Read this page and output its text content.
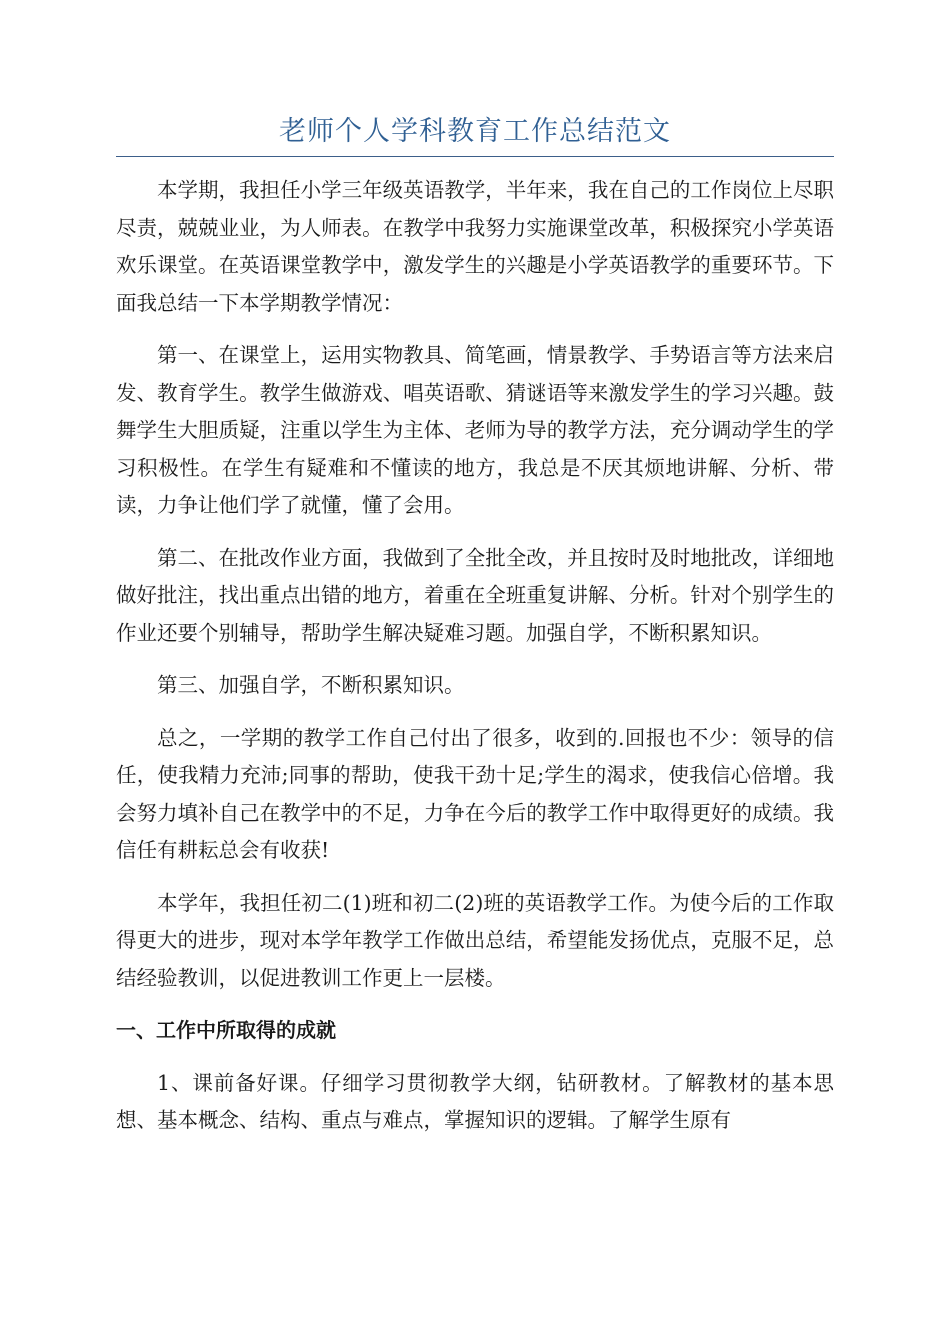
老师个人学科教育工作总结范文

本学期，我担任小学三年级英语教学，半年来，我在自己的工作岗位上尽职尽责，兢兢业业，为人师表。在教学中我努力实施课堂改革，积极探究小学英语欢乐课堂。在英语课堂教学中，激发学生的兴趣是小学英语教学的重要环节。下面我总结一下本学期教学情况：

第一、在课堂上，运用实物教具、简笔画，情景教学、手势语言等方法来启发、教育学生。教学生做游戏、唱英语歌、猜谜语等来激发学生的学习兴趣。鼓舞学生大胆质疑，注重以学生为主体、老师为导的教学方法，充分调动学生的学习积极性。在学生有疑难和不懂读的地方，我总是不厌其烦地讲解、分析、带读，力争让他们学了就懂，懂了会用。

第二、在批改作业方面，我做到了全批全改，并且按时及时地批改，详细地做好批注，找出重点出错的地方，着重在全班重复讲解、分析。针对个别学生的作业还要个别辅导，帮助学生解决疑难习题。加强自学，不断积累知识。

第三、加强自学，不断积累知识。

总之，一学期的教学工作自己付出了很多，收到的.回报也不少：领导的信任，使我精力充沛;同事的帮助，使我干劲十足;学生的渴求，使我信心倍增。我会努力填补自己在教学中的不足，力争在今后的教学工作中取得更好的成绩。我信任有耕耘总会有收获!

本学年，我担任初二(1)班和初二(2)班的英语教学工作。为使今后的工作取得更大的进步，现对本学年教学工作做出总结，希望能发扬优点，克服不足，总结经验教训，以促进教训工作更上一层楼。

一、工作中所取得的成就

1、课前备好课。仔细学习贯彻教学大纲，钻研教材。了解教材的基本思想、基本概念、结构、重点与难点，掌握知识的逻辑。了解学生原有
